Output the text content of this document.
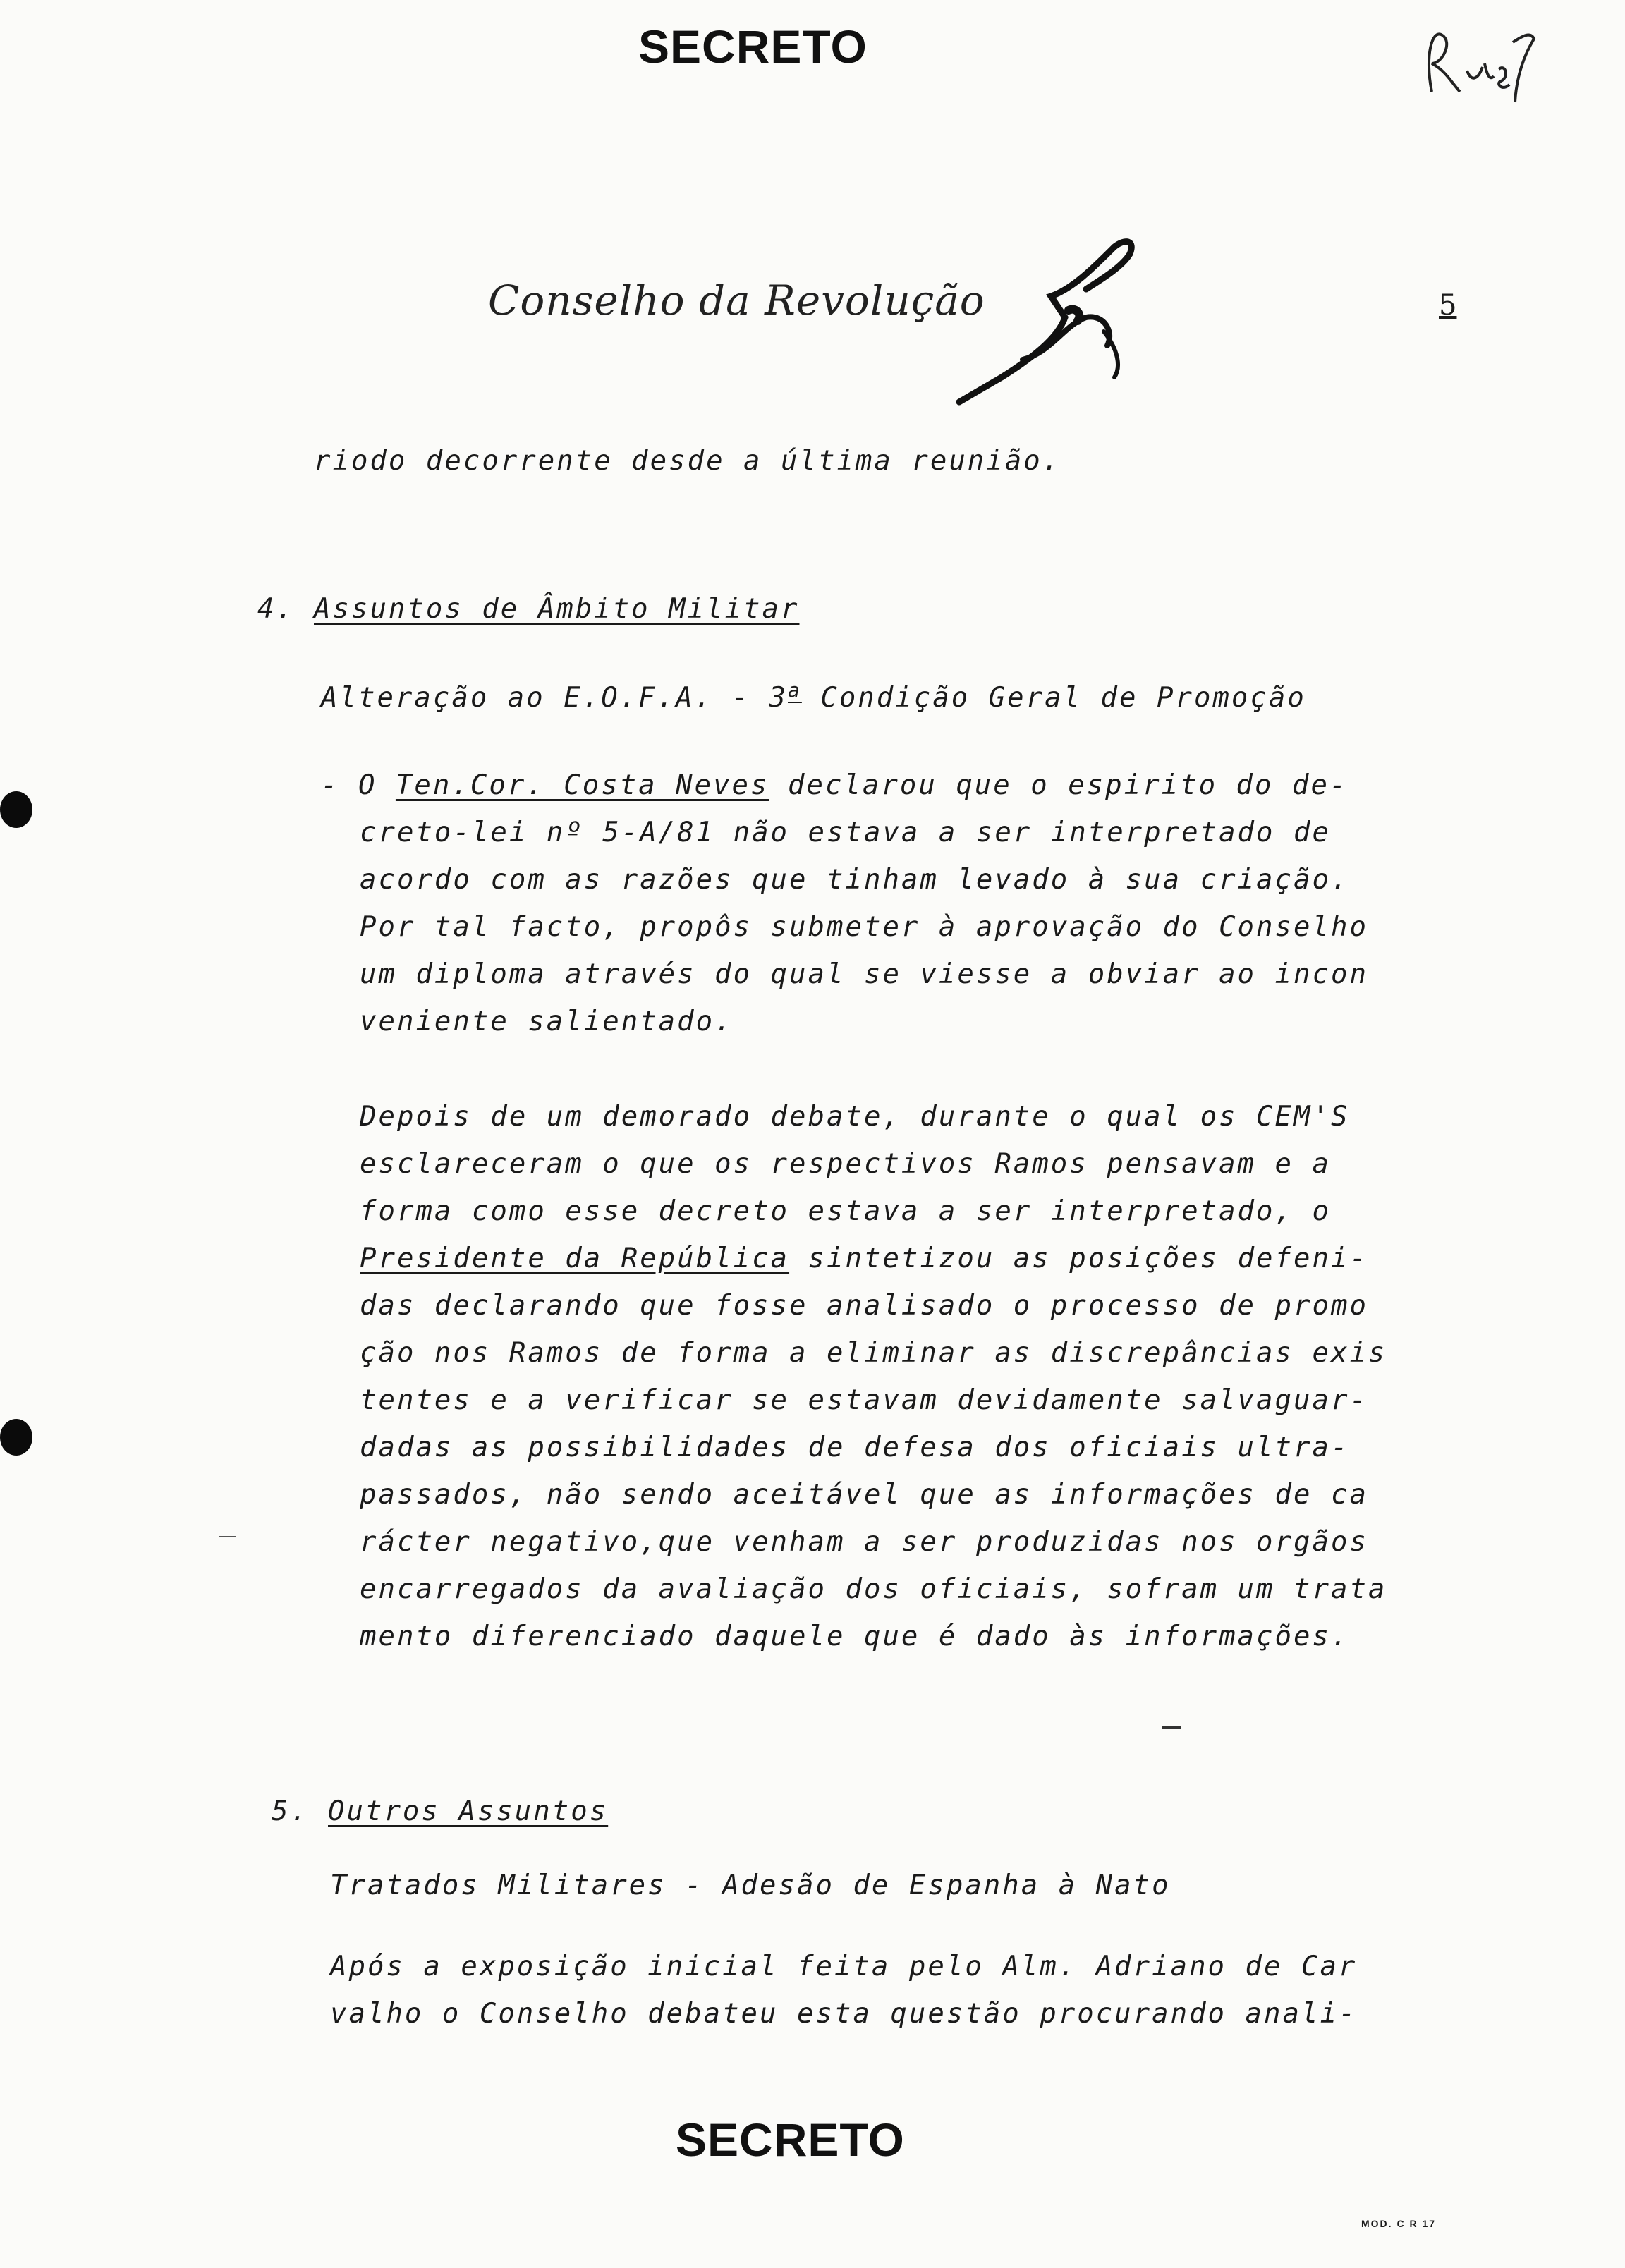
SECRETO
SECRETO
Conselho da Revolução	5
riodo decorrente desde a última reunião.
4. Assuntos de Âmbito Militar
Alteração ao E.O.F.A. - 3$^a$ Condição Geral de Promoção
- O Ten.Cor. Costa Neves declarou que o espirito do de-
creto-lei nº 5-A/81 não estava a ser interpretado de
acordo com as razões que tinham levado à sua criação.
Por tal facto, propôs submeter à aprovação do Conselho
um diploma através do qual se viesse a obviar ao incon
veniente salientado.
Depois de um demorado debate, durante o qual os CEM'S
esclareceram o que os respectivos Ramos pensavam e a
forma como esse decreto estava a ser interpretado, o
Presidente da República sintetizou as posições defeni-
das declarando que fosse analisado o processo de promo
ção nos Ramos de forma a eliminar as discrepâncias exis
tentes e a verificar se estavam devidamente salvaguar-
dadas as possibilidades de defesa dos oficiais ultra-
passados, não sendo aceitável que as informações de ca
rácter negativo,que venham a ser produzidas nos orgãos
encarregados da avaliação dos oficiais, sofram um trata
mento diferenciado daquele que é dado às informações.
5. Outros Assuntos
Tratados Militares - Adesão de Espanha à Nato
Após a exposição inicial feita pelo Alm. Adriano de Car
valho o Conselho debateu esta questão procurando anali-
MOD. C R 17
